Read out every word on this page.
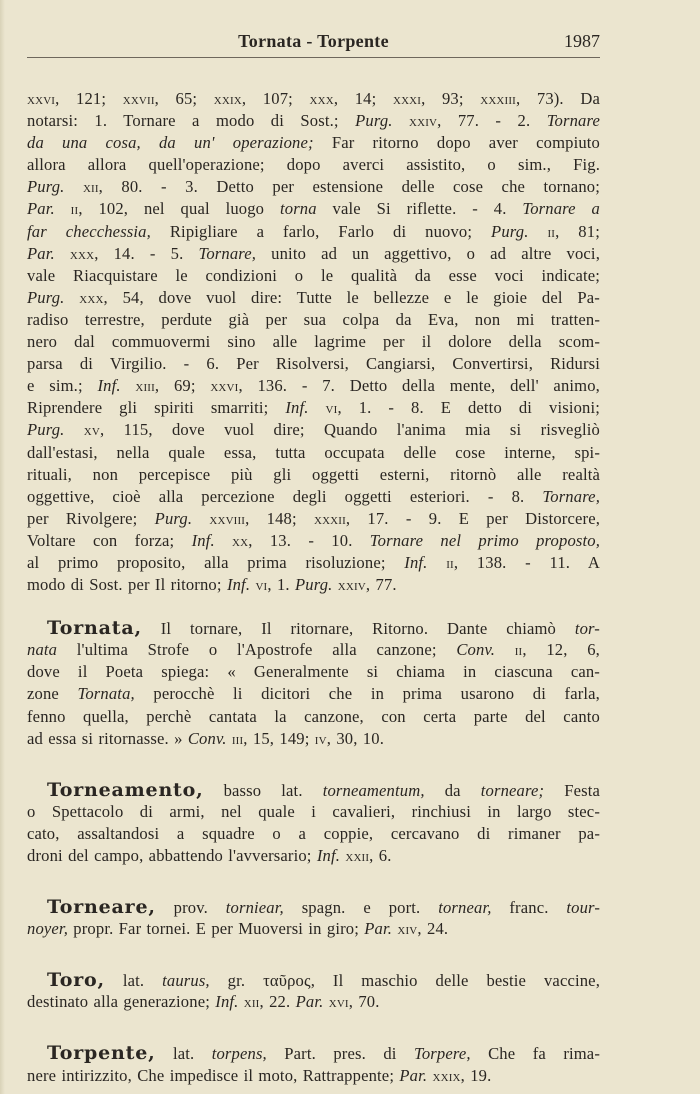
Tornata - Torpente	1987
xxvi, 121; xxvii, 65; xxix, 107; xxx, 14; xxxi, 93; xxxiii, 73). Da
notarsi: 1. Tornare a modo di Sost.; Purg. xxiv, 77. - 2. Tornare
da una cosa, da un' operazione; Far ritorno dopo aver compiuto
allora allora quell'operazione; dopo averci assistito, o sim., Fig.
Purg. xii, 80. - 3. Detto per estensione delle cose che tornano;
Par. ii, 102, nel qual luogo torna vale Si riflette. - 4. Tornare a
far checchessia, Ripigliare a farlo, Farlo di nuovo; Purg. ii, 81;
Par. xxx, 14. - 5. Tornare, unito ad un aggettivo, o ad altre voci,
vale Riacquistare le condizioni o le qualità da esse voci indicate;
Purg. xxx, 54, dove vuol dire: Tutte le bellezze e le gioie del Pa-
radiso terrestre, perdute già per sua colpa da Eva, non mi tratten-
nero dal commuovermi sino alle lagrime per il dolore della scom-
parsa di Virgilio. - 6. Per Risolversi, Cangiarsi, Convertirsi, Ridursi
e sim.; Inf. xiii, 69; xxvi, 136. - 7. Detto della mente, dell' animo,
Riprendere gli spiriti smarriti; Inf. vi, 1. - 8. E detto di visioni;
Purg. xv, 115, dove vuol dire; Quando l'anima mia si risvegliò
dall'estasi, nella quale essa, tutta occupata delle cose interne, spi-
rituali, non percepisce più gli oggetti esterni, ritornò alle realtà
oggettive, cioè alla percezione degli oggetti esteriori. - 8. Tornare,
per Rivolgere; Purg. xxviii, 148; xxxii, 17. - 9. E per Distorcere,
Voltare con forza; Inf. xx, 13. - 10. Tornare nel primo proposto,
al primo proposito, alla prima risoluzione; Inf. ii, 138. - 11. A
modo di Sost. per Il ritorno; Inf. vi, 1. Purg. xxiv, 77.
Tornata, Il tornare, Il ritornare, Ritorno. Dante chiamò tor-
nata l'ultima Strofe o l'Apostrofe alla canzone; Conv. ii, 12, 6,
dove il Poeta spiega: « Generalmente si chiama in ciascuna can-
zone Tornata, perocchè li dicitori che in prima usarono di farla,
fenno quella, perchè cantata la canzone, con certa parte del canto
ad essa si ritornasse. » Conv. iii, 15, 149; iv, 30, 10.
Torneamento, basso lat. torneamentum, da torneare; Festa
o Spettacolo di armi, nel quale i cavalieri, rinchiusi in largo stec-
cato, assaltandosi a squadre o a coppie, cercavano di rimaner pa-
droni del campo, abbattendo l'avversario; Inf. xxii, 6.
Torneare, prov. torniear, spagn. e port. tornear, franc. tour-
noyer, propr. Far tornei. E per Muoversi in giro; Par. xiv, 24.
Toro, lat. taurus, gr. ταῦρος, Il maschio delle bestie vaccine,
destinato alla generazione; Inf. xii, 22. Par. xvi, 70.
Torpente, lat. torpens, Part. pres. di Torpere, Che fa rima-
nere intirizzito, Che impedisce il moto, Rattrappente; Par. xxix, 19.
